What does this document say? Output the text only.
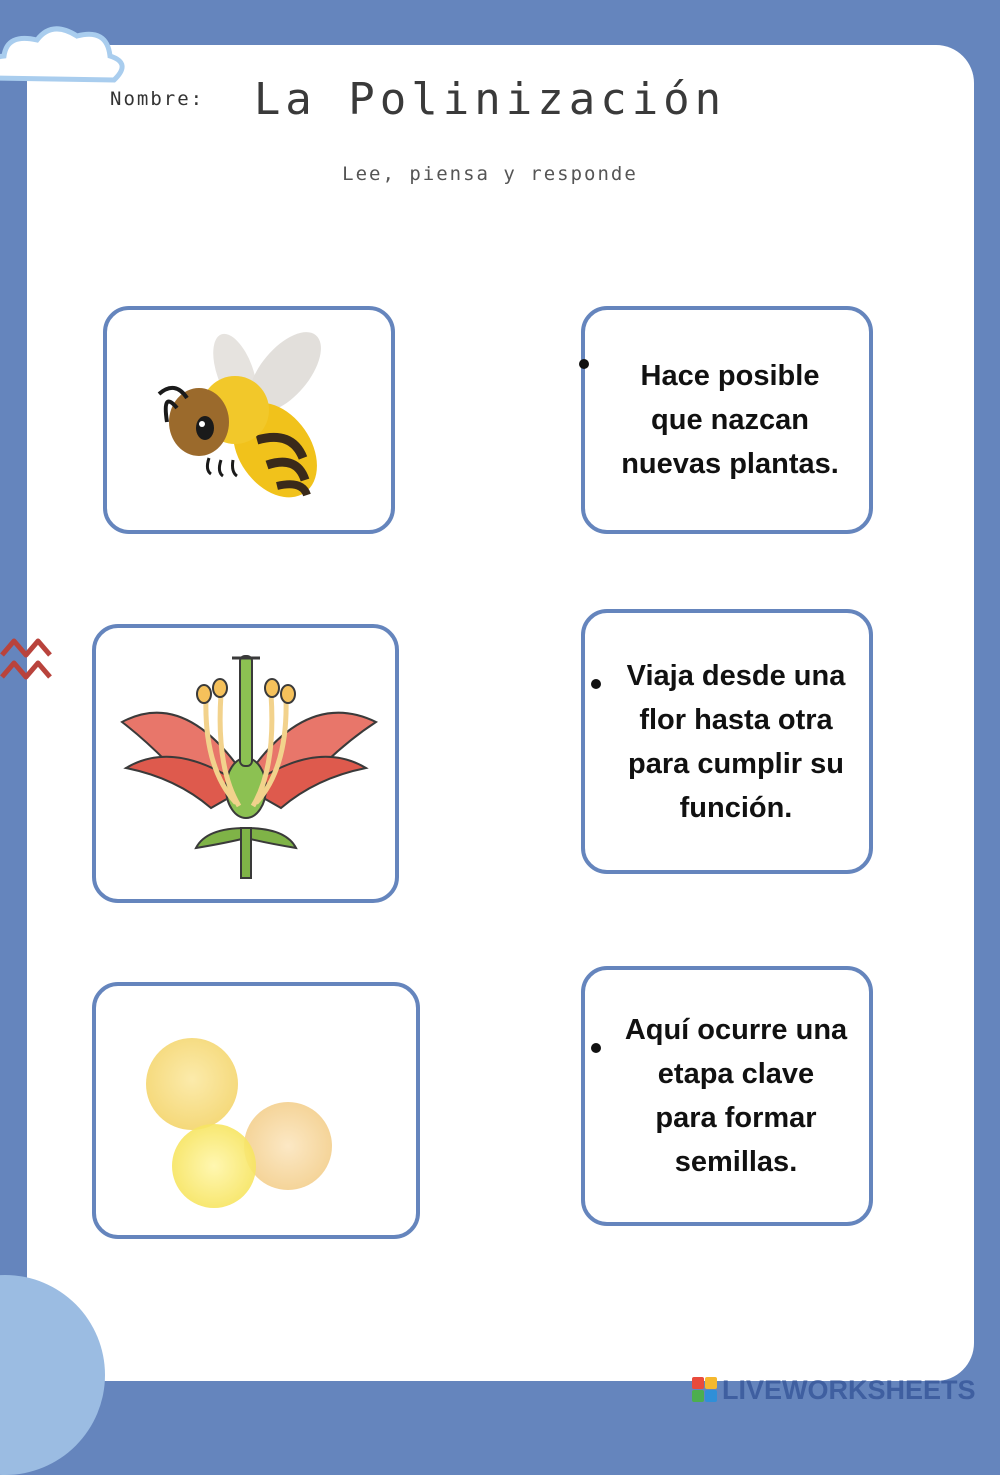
Nombre: La Polinización
Lee, piensa y responde
Hace posible
que nazcan
nuevas plantas.
Viaja desde una
flor hasta otra
para cumplir su
función.
Aquí ocurre una
etapa clave
para formar
semillas.
LIVEWORKSHEETS
